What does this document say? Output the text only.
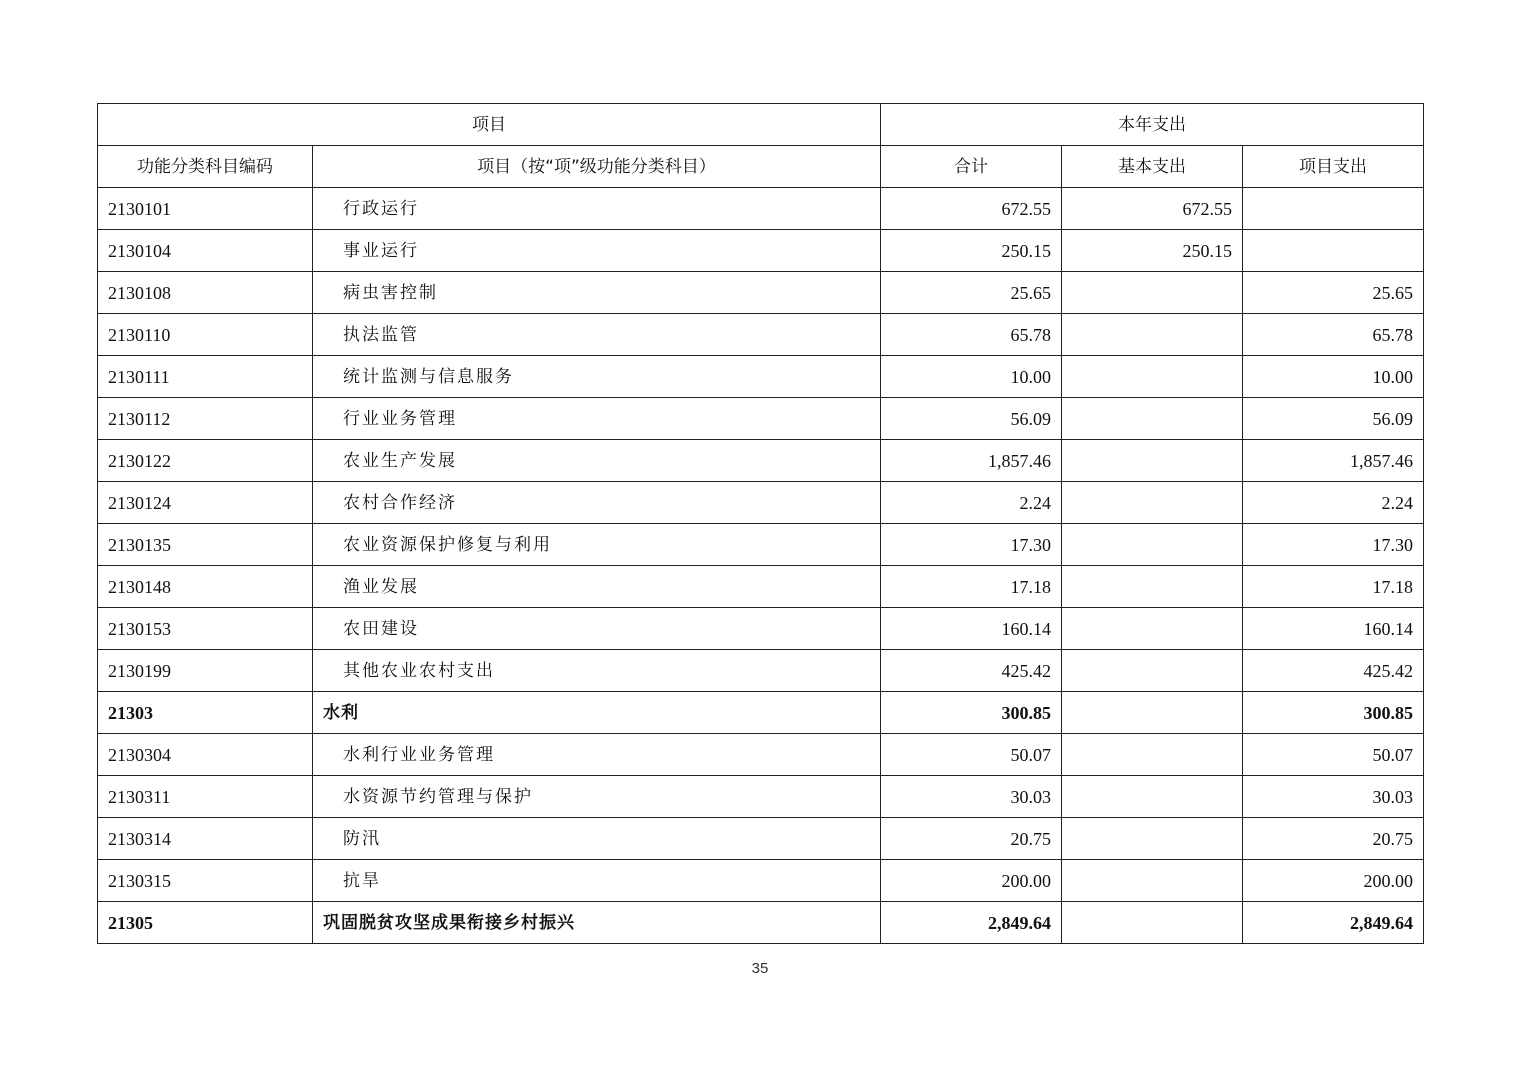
项目		本年支出		
功能分类科目编码	项目（按“项”级功能分类科目）	合计	基本支出	项目支出
2130101	行政运行	672.55	672.55	
2130104	事业运行	250.15	250.15	
2130108	病虫害控制	25.65		25.65
2130110	执法监管	65.78		65.78
2130111	统计监测与信息服务	10.00		10.00
2130112	行业业务管理	56.09		56.09
2130122	农业生产发展	1,857.46		1,857.46
2130124	农村合作经济	2.24		2.24
2130135	农业资源保护修复与利用	17.30		17.30
2130148	渔业发展	17.18		17.18
2130153	农田建设	160.14		160.14
2130199	其他农业农村支出	425.42		425.42
21303	水利	300.85		300.85
2130304	水利行业业务管理	50.07		50.07
2130311	水资源节约管理与保护	30.03		30.03
2130314	防汛	20.75		20.75
2130315	抗旱	200.00		200.00
21305	巩固脱贫攻坚成果衔接乡村振兴	2,849.64		2,849.64
35
